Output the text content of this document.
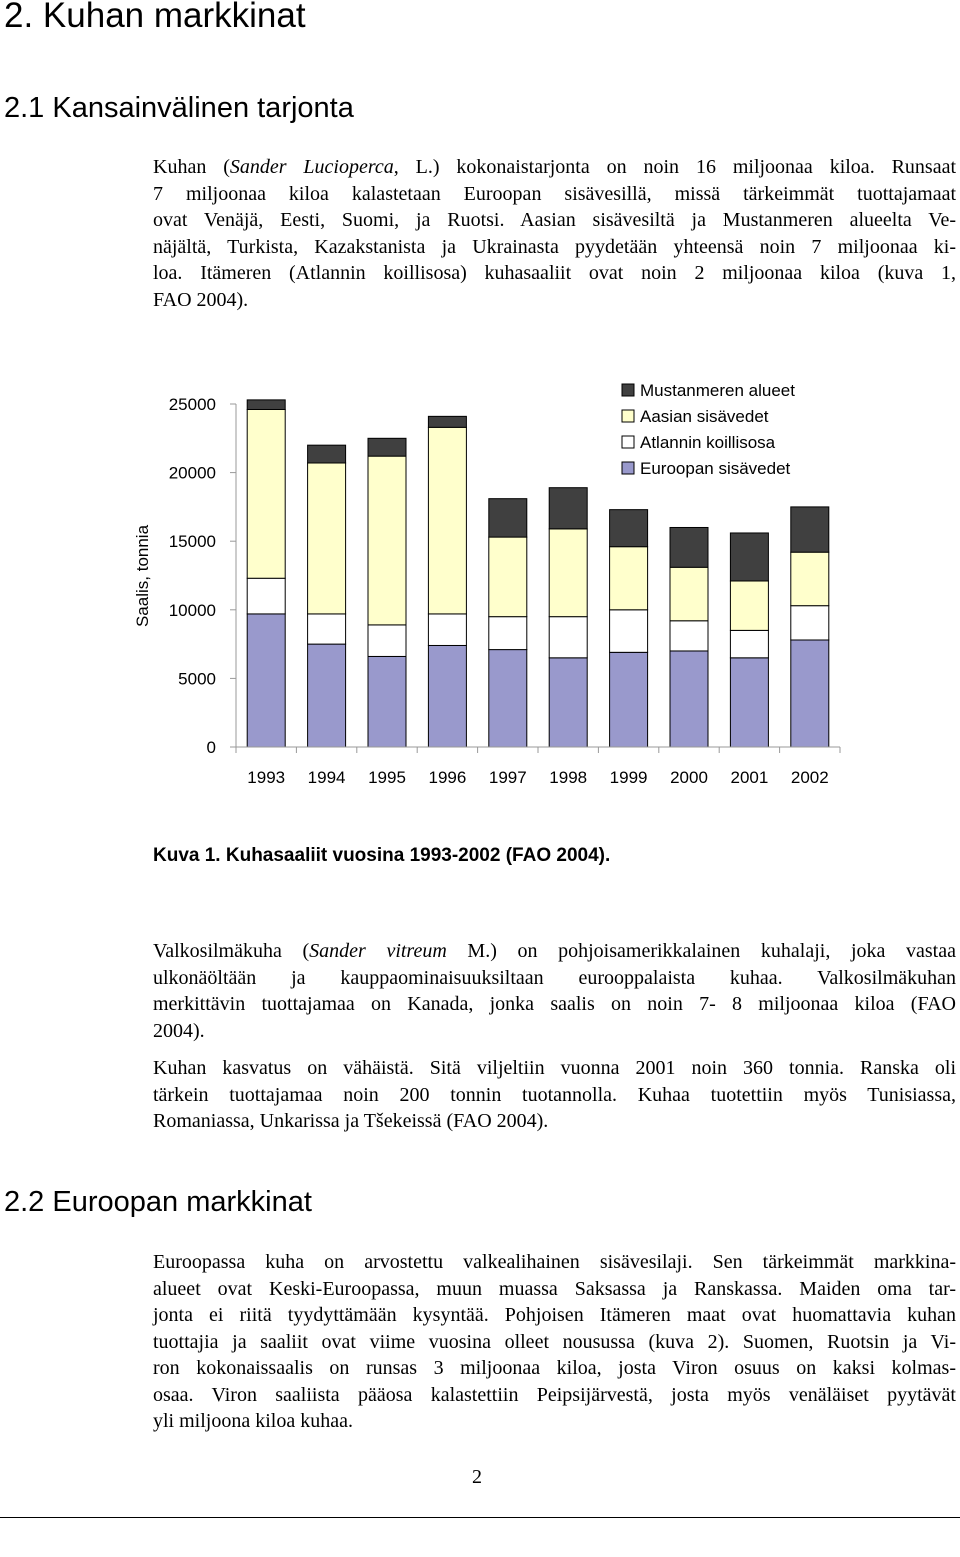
2. Kuhan markkinat
2.1 Kansainvälinen tarjonta
Kuhan (Sander Lucioperca, L.) kokonaistarjonta on noin 16 miljoonaa kiloa. Runsaat
7 miljoonaa kiloa kalastetaan Euroopan sisävesillä, missä tärkeimmät tuottajamaat
ovat Venäjä, Eesti, Suomi, ja Ruotsi. Aasian sisävesiltä ja Mustanmeren alueelta Ve-
näjältä, Turkista, Kazakstanista ja Ukrainasta pyydetään yhteensä noin 7 miljoonaa ki-
loa. Itämeren (Atlannin koillisosa) kuhasaaliit ovat noin 2 miljoonaa kiloa (kuva 1,
FAO 2004).
1993 1994 1995 1996 1997 1998 1999 2000 2001 2002
25000
20000
15000
10000
5000
0
Saalis, tonnia
Mustanmeren alueet
Aasian sisävedet
Atlannin koillisosa
Euroopan sisävedet

Kuva 1. Kuhasaaliit vuosina 1993-2002 (FAO 2004).

Valkosilmäkuha (Sander vitreum M.) on pohjoisamerikkalainen kuhalaji, joka vastaa
ulkonäöltään ja kauppaominaisuuksiltaan eurooppalaista kuhaa. Valkosilmäkuhan
merkittävin tuottajamaa on Kanada, jonka saalis on noin 7- 8 miljoonaa kiloa (FAO
2004).
Kuhan kasvatus on vähäistä. Sitä viljeltiin vuonna 2001 noin 360 tonnia. Ranska oli
tärkein tuottajamaa noin 200 tonnin tuotannolla. Kuhaa tuotettiin myös Tunisiassa,
Romaniassa, Unkarissa ja Tšekeissä (FAO 2004).
2.2 Euroopan markkinat
Euroopassa kuha on arvostettu valkealihainen sisävesilaji. Sen tärkeimmät markkina-
alueet ovat Keski-Euroopassa, muun muassa Saksassa ja Ranskassa. Maiden oma tar-
jonta ei riitä tyydyttämään kysyntää. Pohjoisen Itämeren maat ovat huomattavia kuhan
tuottajia ja saaliit ovat viime vuosina olleet nousussa (kuva 2). Suomen, Ruotsin ja Vi-
ron kokonaissaalis on runsas 3 miljoonaa kiloa, josta Viron osuus on kaksi kolmas-
osaa. Viron saaliista pääosa kalastettiin Peipsijärvestä, josta myös venäläiset pyytävät
yli miljoona kiloa kuhaa.
2
